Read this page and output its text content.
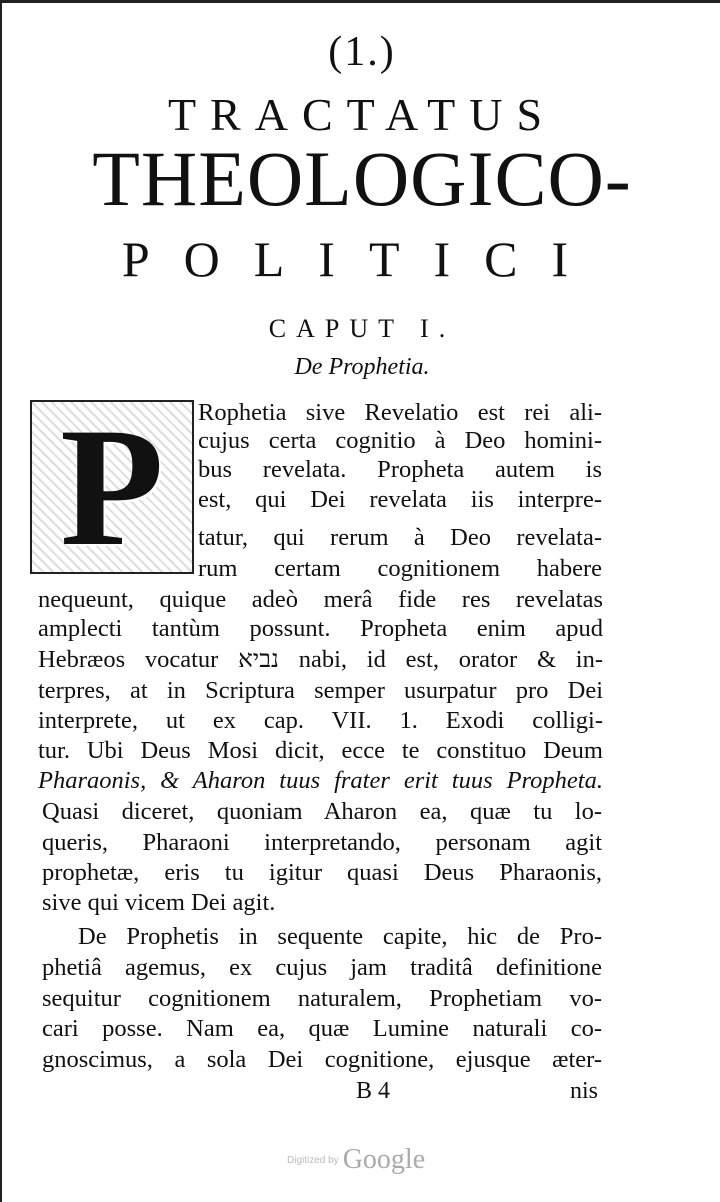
(1.)
TRACTATUS
THEOLOGICO-
POLITICI
CAPUT I.
De Prophetia.
P Rophetia sive Revelatio est rei ali-
cujus certa cognitio à Deo homini-
bus revelata. Propheta autem is
est, qui Dei revelata iis interpre-
tatur, qui rerum à Deo revelata-
rum certam cognitionem habere
nequeunt, quique adeò merâ fide res revelatas
amplecti tantùm possunt. Propheta enim apud
Hebræos vocatur נביא nabi, id est, orator & in-
terpres, at in Scriptura semper usurpatur pro Dei
interprete, ut ex cap. VII. 1. Exodi colligi-
tur. Ubi Deus Mosi dicit, ecce te constituo Deum
Pharaonis, & Aharon tuus frater erit tuus Propheta.
Quasi diceret, quoniam Aharon ea, quæ tu lo-
queris, Pharaoni interpretando, personam agit
prophetæ, eris tu igitur quasi Deus Pharaonis,
sive qui vicem Dei agit.
De Prophetis in sequente capite, hic de Pro-
phetiâ agemus, ex cujus jam traditâ definitione
sequitur cognitionem naturalem, Prophetiam vo-
cari posse. Nam ea, quæ Lumine naturali co-
gnoscimus, a sola Dei cognitione, ejusque æter-
B 4	nis
Digitized by Google
